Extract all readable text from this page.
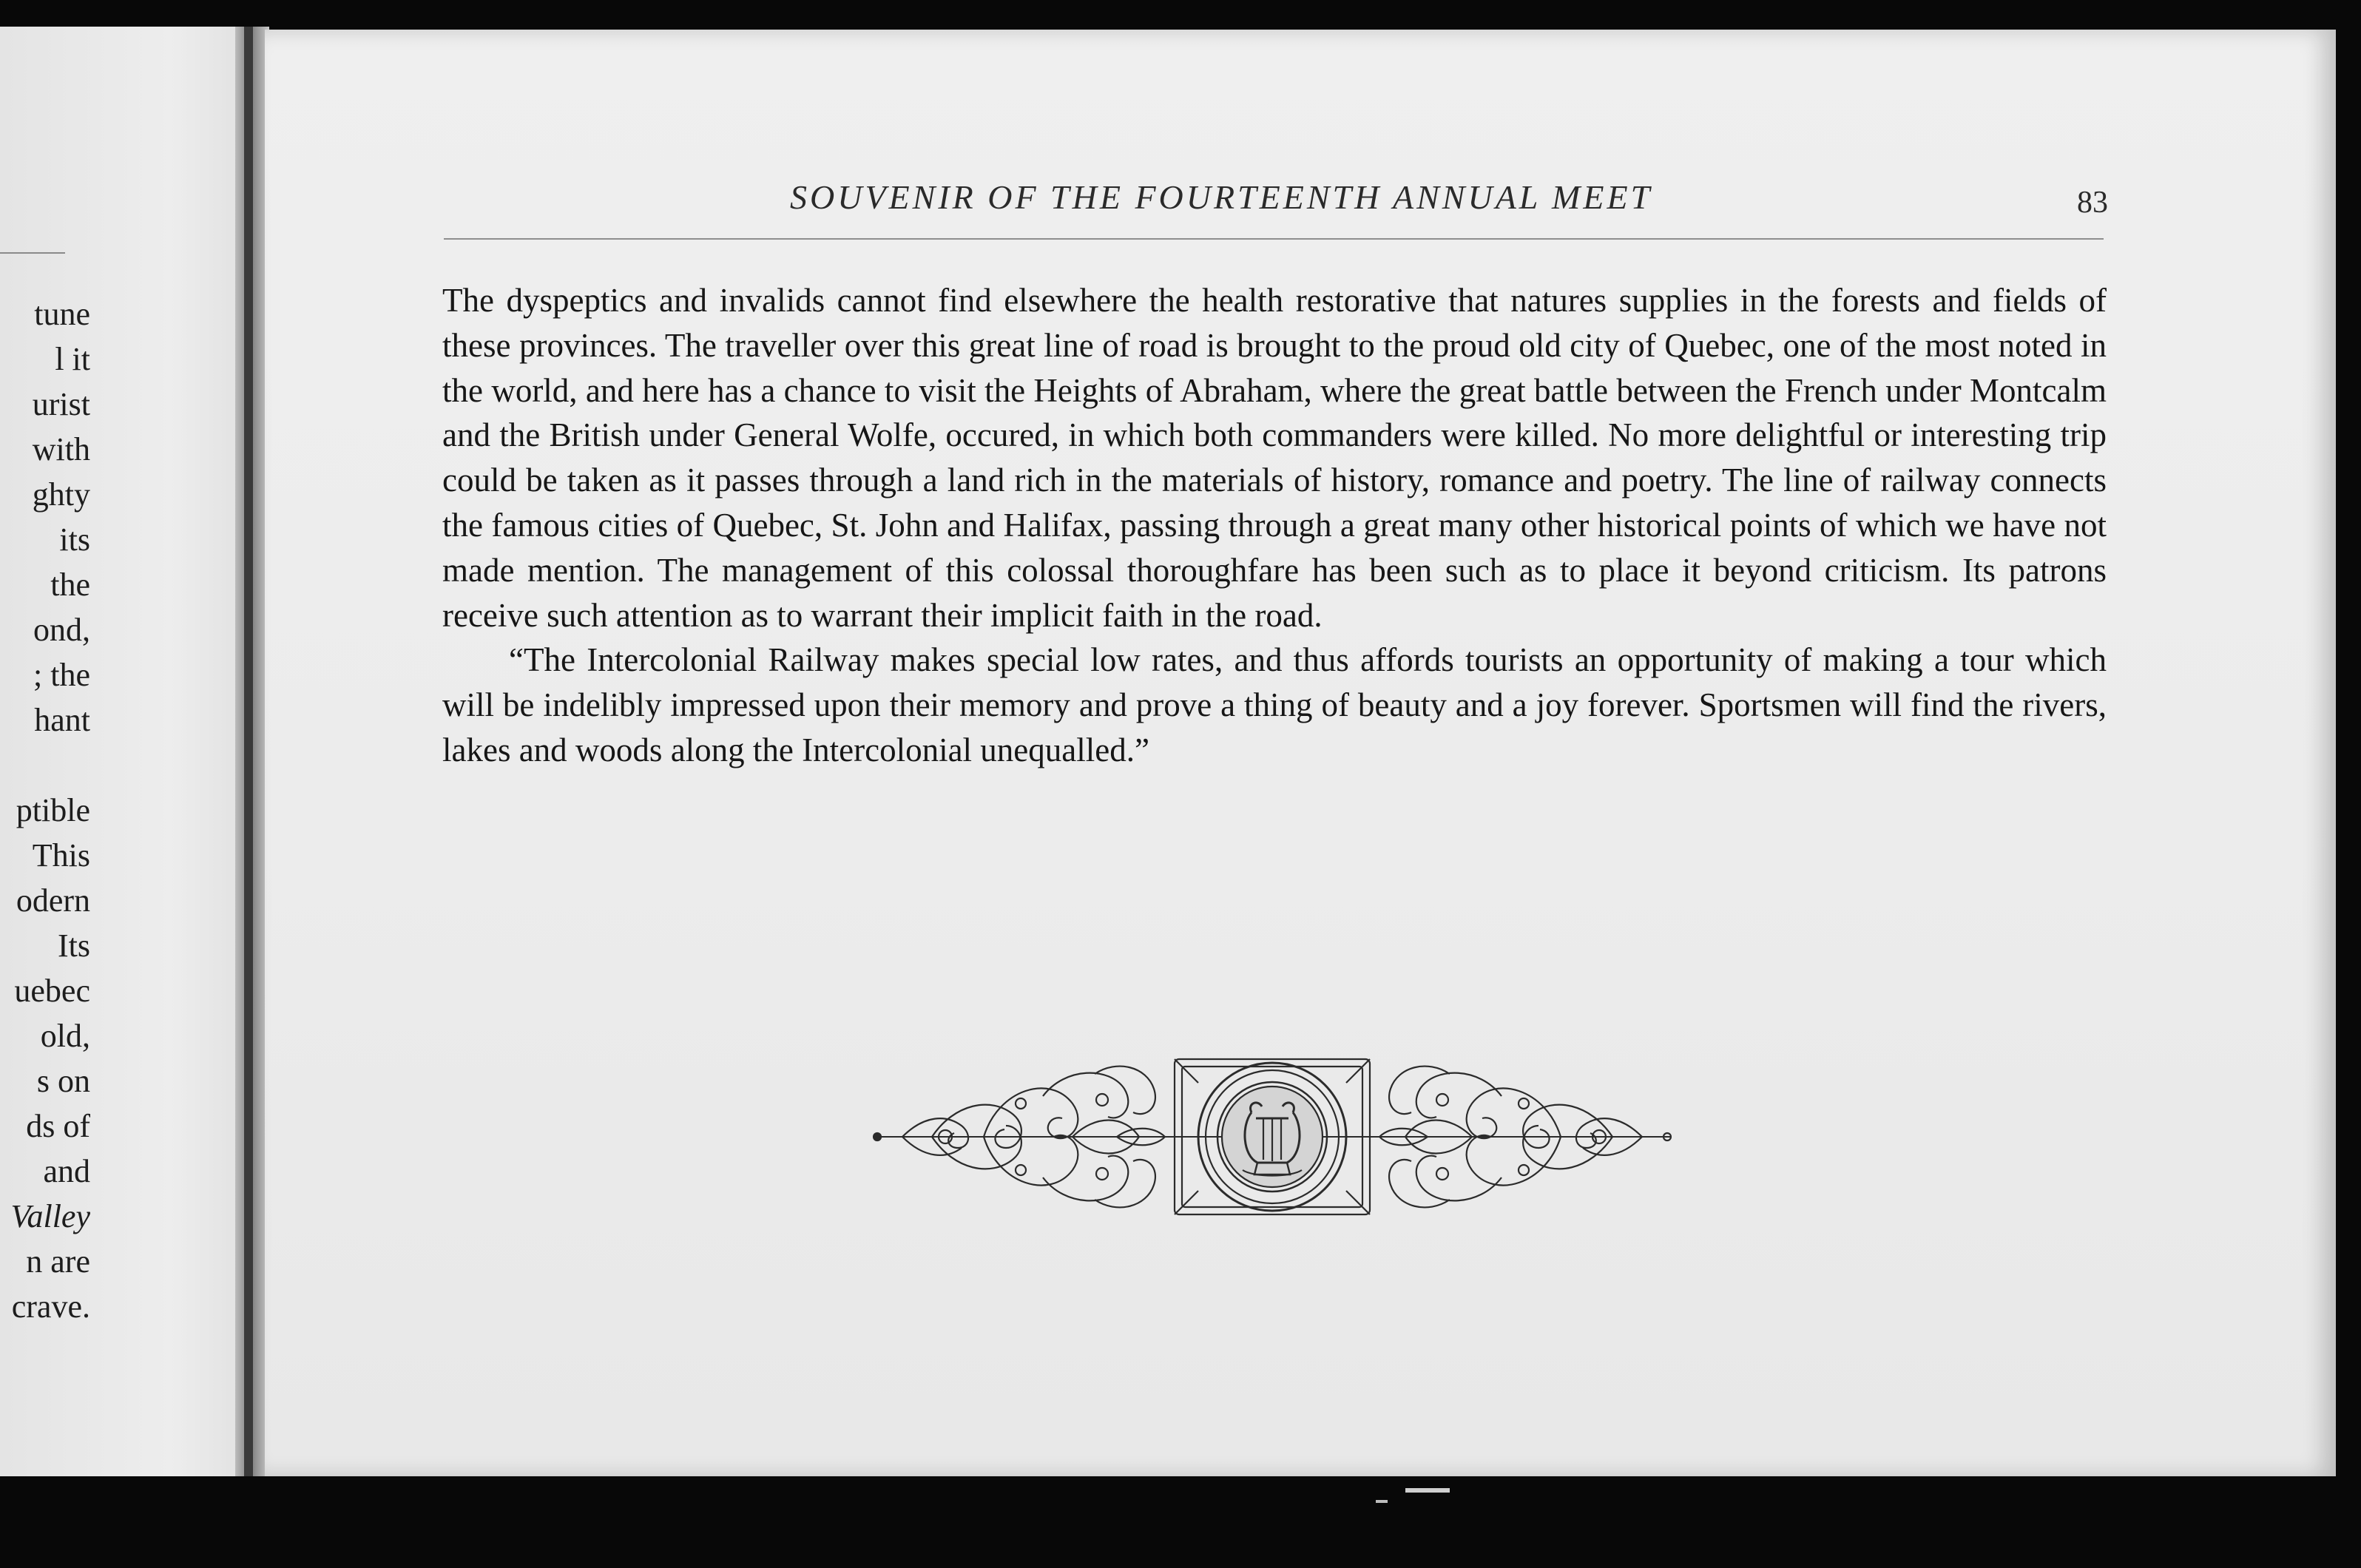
tune
l it
urist
with
ghty
its
the
ond,
; the
hant
ptible
This
odern
Its
uebec
old,
s on
ds of
and
Valley
n are
crave.
SOUVENIR OF THE FOURTEENTH ANNUAL MEET	83

The dyspeptics and invalids cannot find elsewhere the health restorative that natures supplies in the forests and fields of these provinces. The traveller over this great line of road is brought to the proud old city of Quebec, one of the most noted in the world, and here has a chance to visit the Heights of Abraham, where the great battle between the French under Montcalm and the British under General Wolfe, occured, in which both commanders were killed. No more delightful or interesting trip could be taken as it passes through a land rich in the materials of history, romance and poetry. The line of railway connects the famous cities of Quebec, St. John and Halifax, passing through a great many other historical points of which we have not made mention. The management of this colossal thoroughfare has been such as to place it beyond criticism. Its patrons receive such attention as to warrant their implicit faith in the road.

“The Intercolonial Railway makes special low rates, and thus affords tourists an opportunity of making a tour which will be indelibly impressed upon their memory and prove a thing of beauty and a joy forever. Sportsmen will find the rivers, lakes and woods along the Intercolonial unequalled.”
